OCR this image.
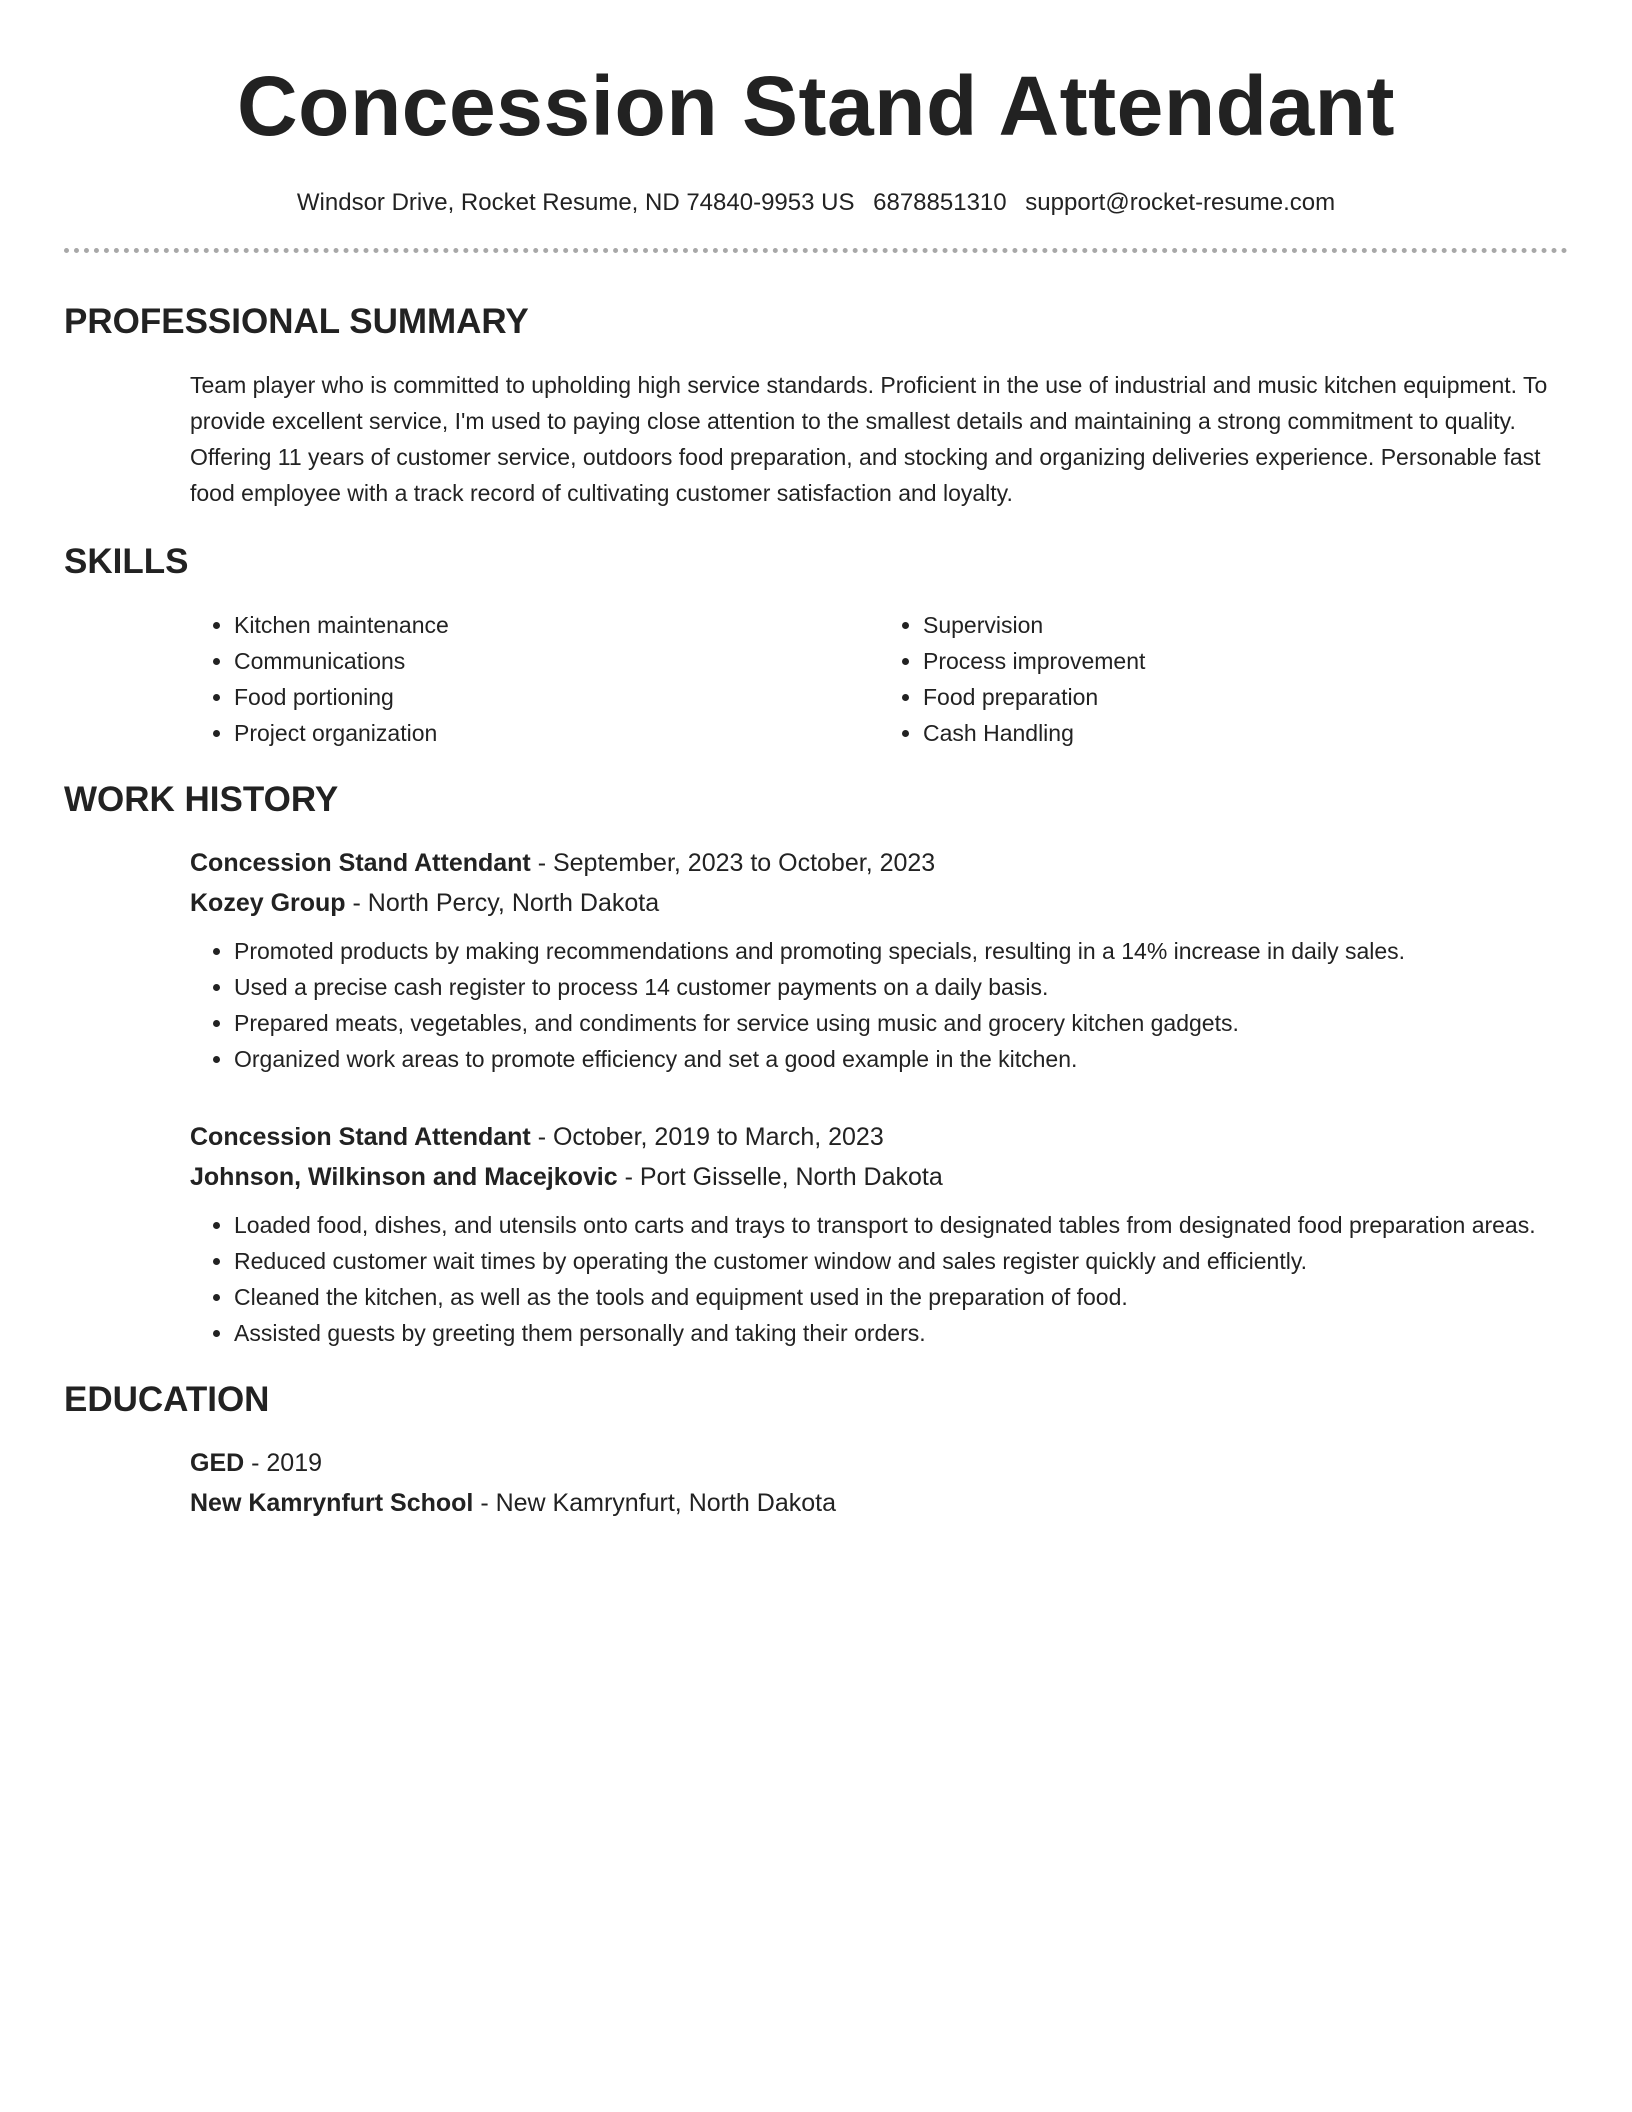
Concession Stand Attendant
Windsor Drive, Rocket Resume, ND 74840-9953 US 6878851310 support@rocket-resume.com
PROFESSIONAL SUMMARY
Team player who is committed to upholding high service standards. Proficient in the use of industrial and music kitchen equipment. To provide excellent service, I'm used to paying close attention to the smallest details and maintaining a strong commitment to quality. Offering 11 years of customer service, outdoors food preparation, and stocking and organizing deliveries experience. Personable fast food employee with a track record of cultivating customer satisfaction and loyalty.
SKILLS
• Kitchen maintenance
• Communications
• Food portioning
• Project organization
• Supervision
• Process improvement
• Food preparation
• Cash Handling
WORK HISTORY
Concession Stand Attendant - September, 2023 to October, 2023
Kozey Group - North Percy, North Dakota
• Promoted products by making recommendations and promoting specials, resulting in a 14% increase in daily sales.
• Used a precise cash register to process 14 customer payments on a daily basis.
• Prepared meats, vegetables, and condiments for service using music and grocery kitchen gadgets.
• Organized work areas to promote efficiency and set a good example in the kitchen.
Concession Stand Attendant - October, 2019 to March, 2023
Johnson, Wilkinson and Macejkovic - Port Gisselle, North Dakota
• Loaded food, dishes, and utensils onto carts and trays to transport to designated tables from designated food preparation areas.
• Reduced customer wait times by operating the customer window and sales register quickly and efficiently.
• Cleaned the kitchen, as well as the tools and equipment used in the preparation of food.
• Assisted guests by greeting them personally and taking their orders.
EDUCATION
GED - 2019
New Kamrynfurt School - New Kamrynfurt, North Dakota
